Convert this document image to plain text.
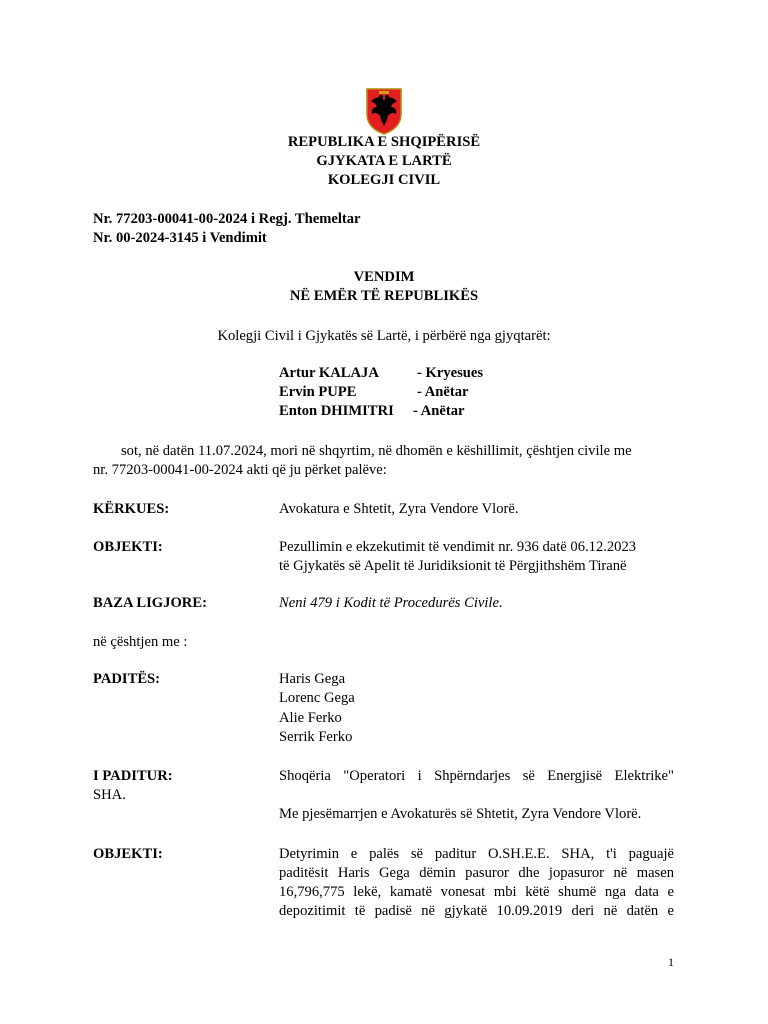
REPUBLIKA E SHQIPËRISË
GJYKATA E LARTË
KOLEGJI CIVIL
Nr. 77203-00041-00-2024 i Regj. Themeltar
Nr. 00-2024-3145 i Vendimit
VENDIM
NË EMËR TË REPUBLIKËS
Kolegji Civil i Gjykatës së Lartë, i përbërë nga gjyqtarët:
Artur KALAJA	- Kryesues
Ervin PUPE	- Anëtar
Enton DHIMITRI - Anëtar
sot, në datën 11.07.2024, mori në shqyrtim, në dhomën e këshillimit, çështjen civile me
nr. 77203-00041-00-2024 akti që ju përket palëve:
KËRKUES:	Avokatura e Shtetit, Zyra Vendore Vlorë.
OBJEKTI:	Pezullimin e ekzekutimit të vendimit nr. 936 datë 06.12.2023
të Gjykatës së Apelit të Juridiksionit të Përgjithshëm Tiranë
BAZA LIGJORE:	Neni 479 i Kodit të Procedurës Civile.
në çështjen me :
PADITËS:	Haris Gega
Lorenc Gega
Alie Ferko
Serrik Ferko
I PADITUR:	Shoqëria "Operatori i Shpërndarjes së Energjisë Elektrike"
SHA.
Me pjesëmarrjen e Avokaturës së Shtetit, Zyra Vendore Vlorë.
OBJEKTI:	Detyrimin e palës së paditur O.SH.E.E. SHA, t'i paguajë
paditësit Haris Gega dëmin pasuror dhe jopasuror në masen
16,796,775 lekë, kamatë vonesat mbi këtë shumë nga data e
depozitimit të padisë në gjykatë 10.09.2019 deri në datën e
1
